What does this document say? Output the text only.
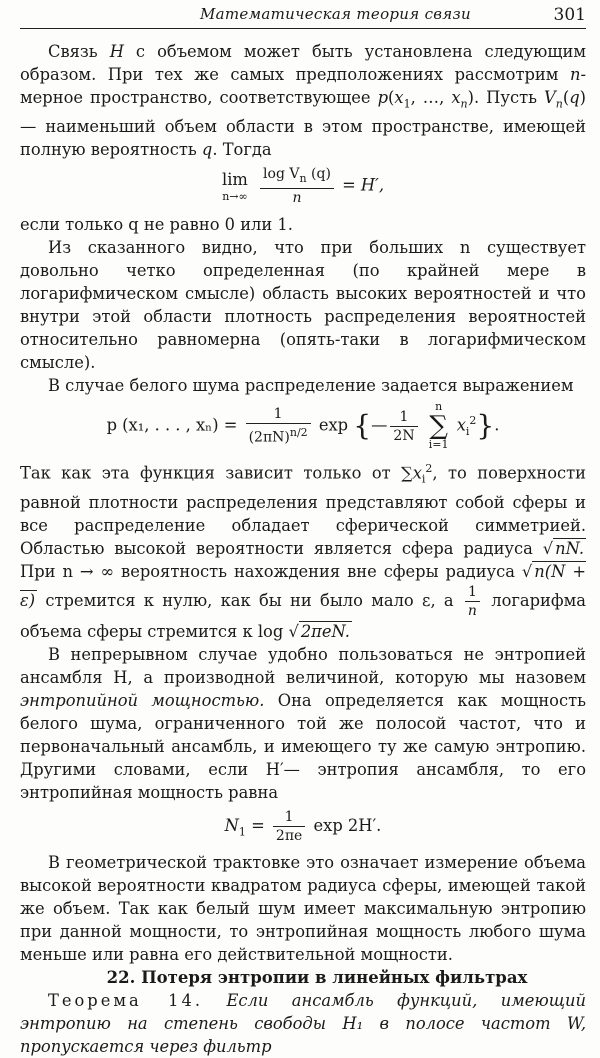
Математическая теория связи	301

Связь H с объемом может быть установлена следующим образом. При тех же самых предположениях рассмотрим n-мерное пространство, соответствующее $p(x_1$, …, $x_n$). Пусть $V_n(q)$ — наименьший объем области в этом пространстве, имеющей полную вероятность q. Тогда

lim
n→∞
$\frac{\log V_n (q)}{n} = H'$,

если только q не равно 0 или 1.

Из сказанного видно, что при больших n существует довольно четко определенная (по крайней мере в логарифмическом смысле) область высоких вероятностей и что внутри этой области плотность распределения вероятностей относительно равномерна (опять-таки в логарифмическом смысле).

В случае белого шума распределение задается выражением

p (x₁, . . . , $x_n) = \frac{1}{(2\pi N)^{n/2}}$ exp {— $\frac{1}{2N}$

n
∑
i=1
$x_i^2$}.

Так как эта функция зависит только от $\sum x_i^2$, то поверхности равной плотности распределения представляют собой сферы и все распределение обладает сферической симметрией. Областью высокой вероятности является сфера радиуса √ nN. При n → ∞ вероятность нахождения вне сферы радиуса √ n(N + ε) стремится к нулю, как бы ни было мало ε, а $\frac{1}{n}$ логарифма объема сферы стремится к log √ 2πeN.

В непрерывном случае удобно пользоваться не энтропией ансамбля H, а производной величиной, которую мы назовем энтропийной мощностью. Она определяется как мощность белого шума, ограниченного той же полосой частот, что и первоначальный ансамбль, и имеющего ту же самую энтропию. Другими словами, если H′— энтропия ансамбля, то его энтропийная мощность равна

$N_1 = \frac{1}{2\pi e}$ exp 2H′.

В геометрической трактовке это означает измерение объема высокой вероятности квадратом радиуса сферы, имеющей такой же объем. Так как белый шум имеет максимальную энтропию при данной мощности, то энтропийная мощность любого шума меньше или равна его действительной мощности.

22. Потеря энтропии в линейных фильтрах

Теорема 14. Если ансамбль функций, имеющий энтропию на степень свободы H₁ в полосе частот W, пропускается через фильтр
